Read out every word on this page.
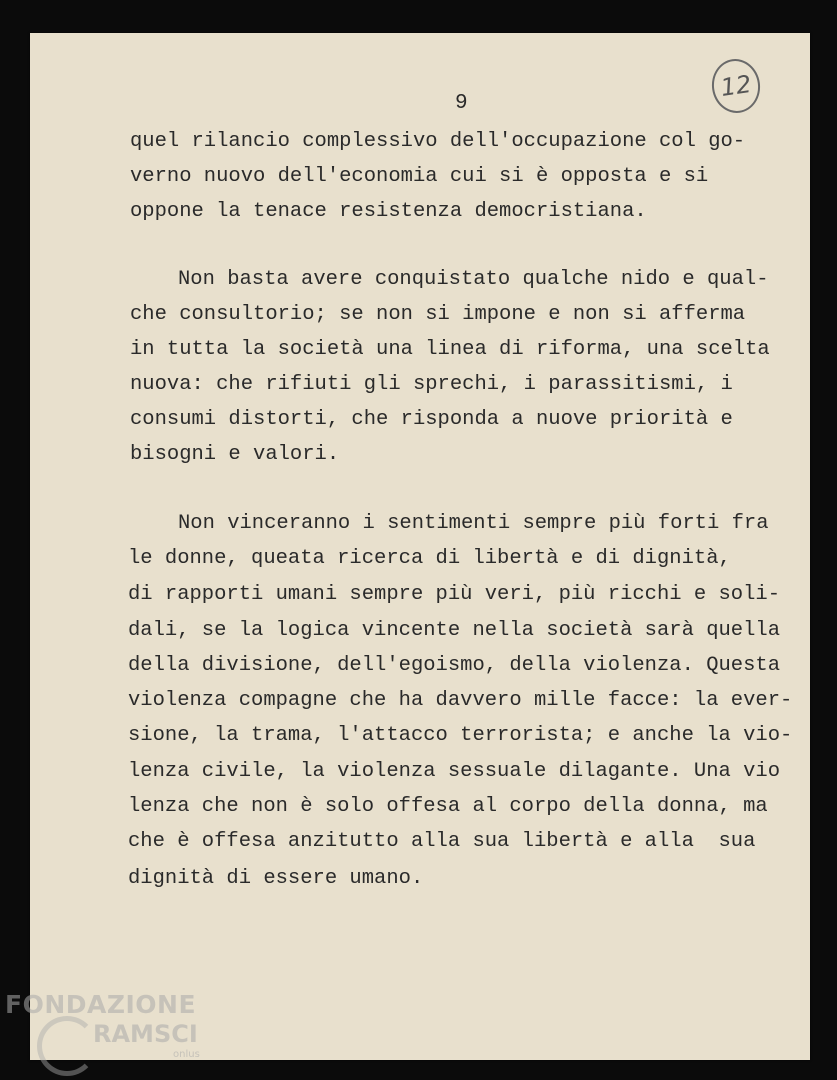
9
12
quel rilancio complessivo dell'occupazione col go-
verno nuovo dell'economia cui si è opposta e si
oppone la tenace resistenza democristiana.
Non basta avere conquistato qualche nido e qual-
che consultorio; se non si impone e non si afferma
in tutta la società una linea di riforma, una scelta
nuova: che rifiuti gli sprechi, i parassitismi, i
consumi distorti, che risponda a nuove priorità e
bisogni e valori.
Non vinceranno i sentimenti sempre più forti fra
le donne, queata ricerca di libertà e di dignità,
di rapporti umani sempre più veri, più ricchi e soli-
dali, se la logica vincente nella società sarà quella
della divisione, dell'egoismo, della violenza. Questa
violenza compagne che ha davvero mille facce: la ever-
sione, la trama, l'attacco terrorista; e anche la vio-
lenza civile, la violenza sessuale dilagante. Una vio
lenza che non è solo offesa al corpo della donna, ma
che è offesa anzitutto alla sua libertà e alla  sua
dignità di essere umano.
FONDAZIONE
RAMSCI
onlus
